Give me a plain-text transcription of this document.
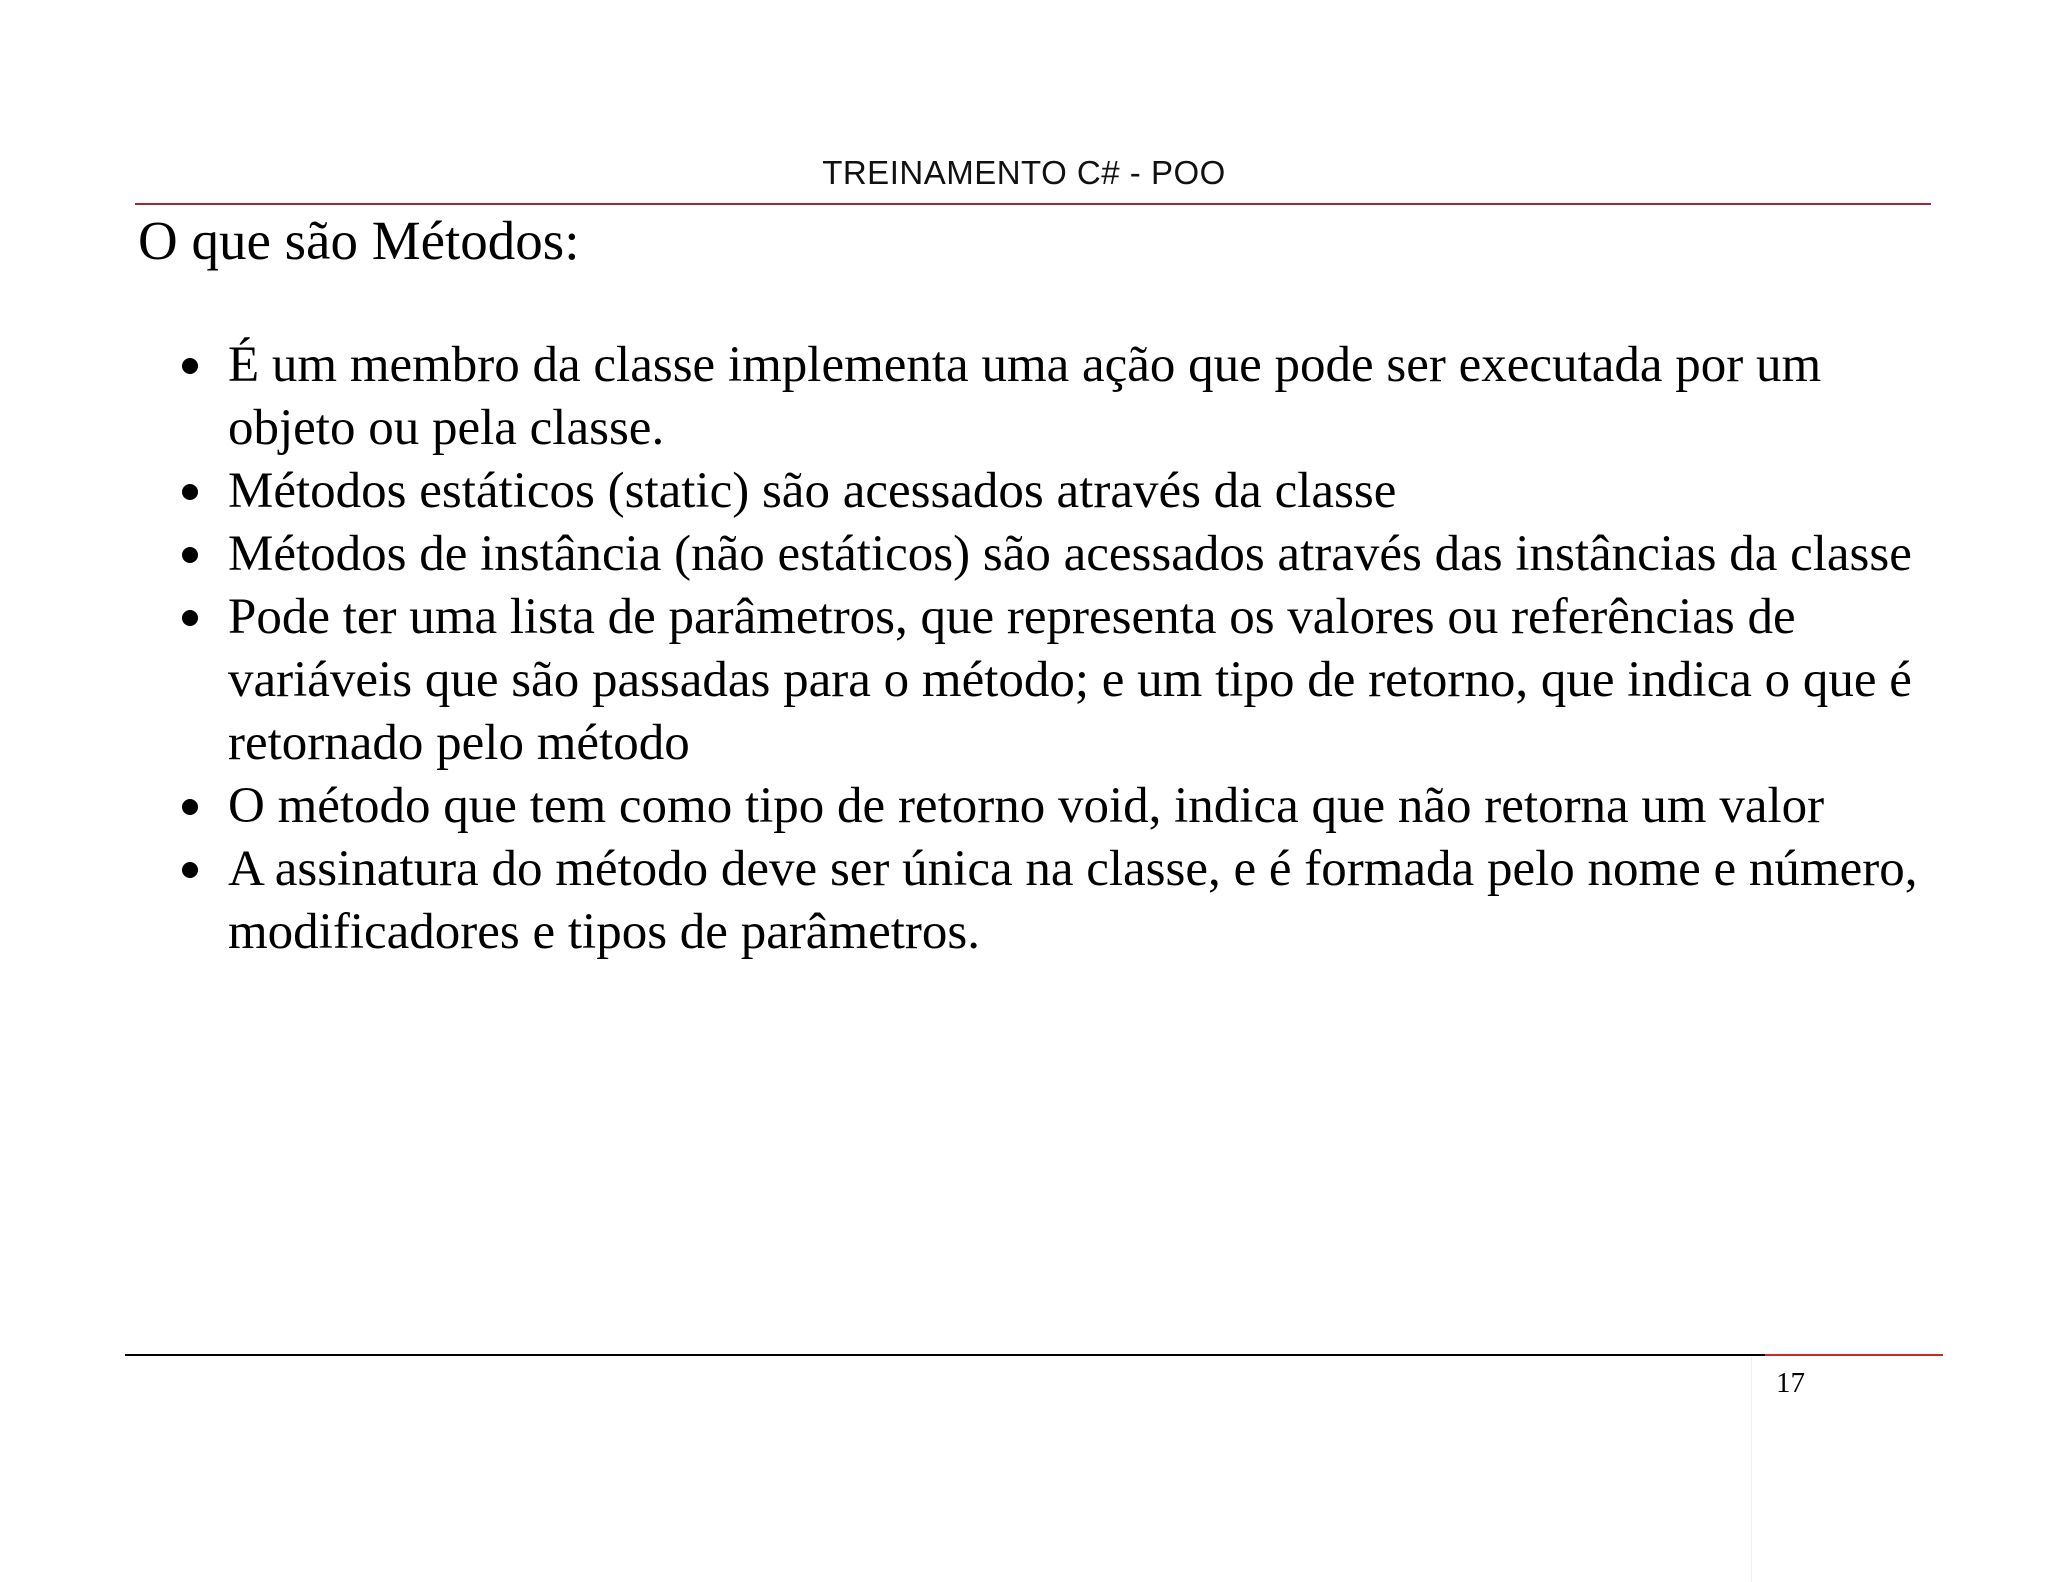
TREINAMENTO C# - POO
O que são Métodos:
É um membro da classe implementa uma ação que pode ser executada por um objeto ou pela classe.
Métodos estáticos (static) são acessados através da classe
Métodos de instância (não estáticos) são acessados através das instâncias da classe
Pode ter uma lista de parâmetros, que representa os valores ou referências de variáveis que são passadas para o método; e um tipo de retorno, que indica o que é retornado pelo método
O método que tem como tipo de retorno void, indica que não retorna um valor
A assinatura do método deve ser única na classe, e é formada pelo nome e número, modificadores e tipos de parâmetros.
17
